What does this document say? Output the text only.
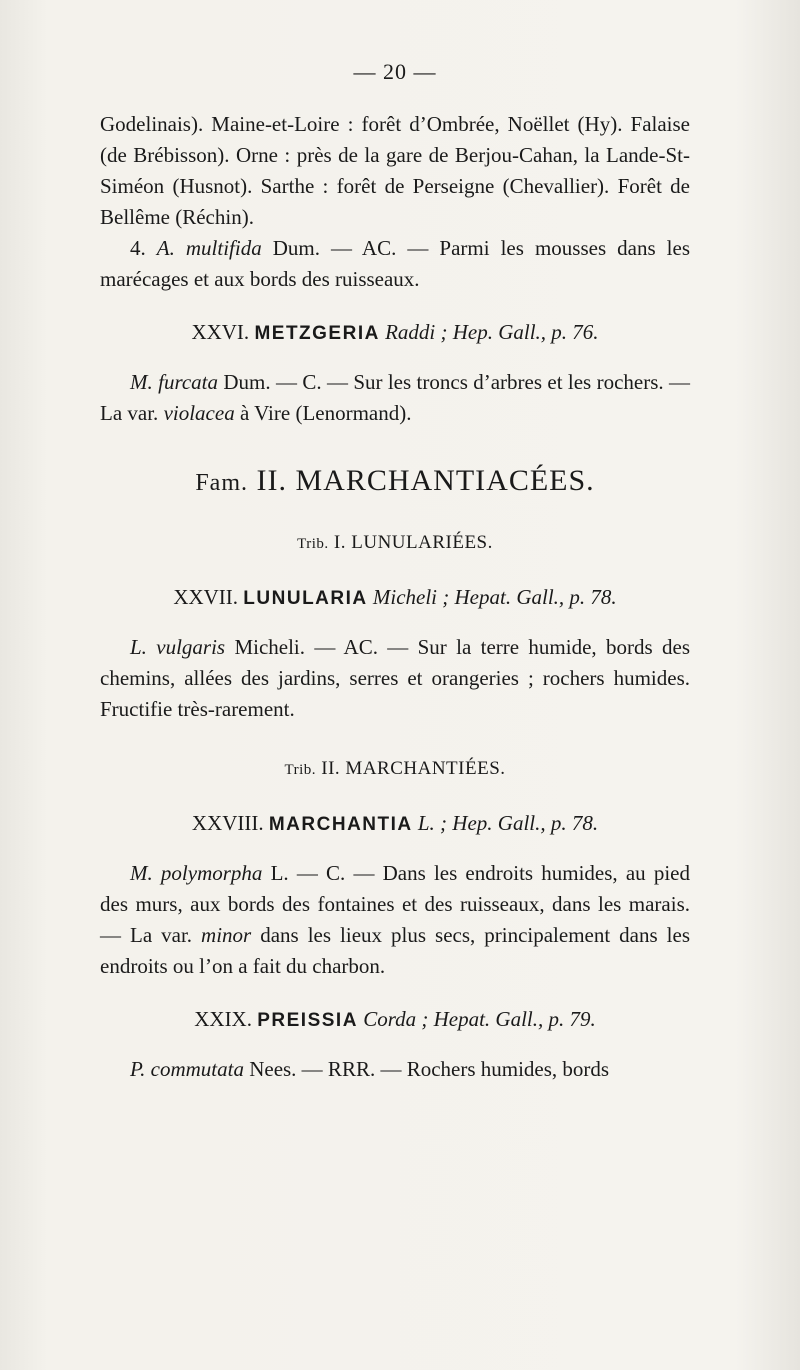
— 20 —

Godelinais). Maine-et-Loire : forêt d’Ombrée, Noëllet (Hy). Falaise (de Brébisson). Orne : près de la gare de Berjou-Cahan, la Lande-St-Siméon (Husnot). Sarthe : forêt de Perseigne (Chevallier). Forêt de Bellême (Réchin).

4. A. multifida Dum. — AC. — Parmi les mousses dans les marécages et aux bords des ruisseaux.

XXVI. METZGERIA Raddi ; Hep. Gall., p. 76.

M. furcata Dum. — C. — Sur les troncs d’arbres et les rochers. — La var. violacea à Vire (Lenormand).

Fam. II. MARCHANTIACÉES.
Trib. I. LUNULARIÉES.
XXVII. LUNULARIA Micheli ; Hepat. Gall., p. 78.

L. vulgaris Micheli. — AC. — Sur la terre humide, bords des chemins, allées des jardins, serres et orangeries ; rochers humides. Fructifie très-rarement.

Trib. II. MARCHANTIÉES.
XXVIII. MARCHANTIA L. ; Hep. Gall., p. 78.

M. polymorpha L. — C. — Dans les endroits humides, au pied des murs, aux bords des fontaines et des ruisseaux, dans les marais. — La var. minor dans les lieux plus secs, principalement dans les endroits ou l’on a fait du charbon.

XXIX. PREISSIA Corda ; Hepat. Gall., p. 79.

P. commutata Nees. — RRR. — Rochers humides, bords
